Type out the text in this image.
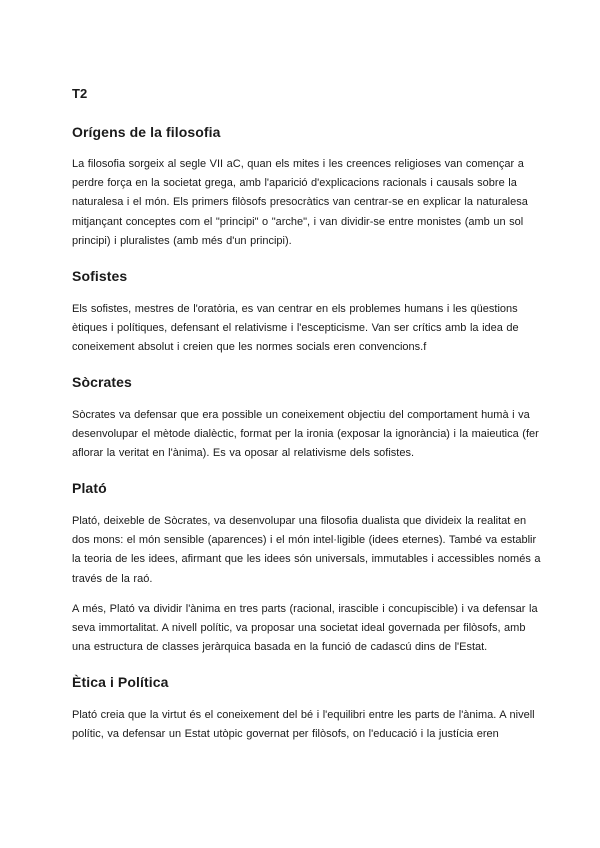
T2
Orígens de la filosofia

La filosofia sorgeix al segle VII aC, quan els mites i les creences religioses van començar a perdre força en la societat grega, amb l'aparició d'explicacions racionals i causals sobre la naturalesa i el món. Els primers filòsofs presocràtics van centrar-se en explicar la naturalesa mitjançant conceptes com el "principi" o "arche", i van dividir-se entre monistes (amb un sol principi) i pluralistes (amb més d'un principi).

Sofistes

Els sofistes, mestres de l'oratòria, es van centrar en els problemes humans i les qüestions ètiques i polítiques, defensant el relativisme i l'escepticisme. Van ser crítics amb la idea de coneixement absolut i creien que les normes socials eren convencions.f

Sòcrates

Sòcrates va defensar que era possible un coneixement objectiu del comportament humà i va desenvolupar el mètode dialèctic, format per la ironia (exposar la ignorància) i la maieutica (fer aflorar la veritat en l'ànima). Es va oposar al relativisme dels sofistes.

Plató

Plató, deixeble de Sòcrates, va desenvolupar una filosofia dualista que divideix la realitat en dos mons: el món sensible (aparences) i el món intel·ligible (idees eternes). També va establir la teoria de les idees, afirmant que les idees són universals, immutables i accessibles només a través de la raó.

A més, Plató va dividir l'ànima en tres parts (racional, irascible i concupiscible) i va defensar la seva immortalitat. A nivell polític, va proposar una societat ideal governada per filòsofs, amb una estructura de classes jeràrquica basada en la funció de cadascú dins de l'Estat.

Ètica i Política

Plató creia que la virtut és el coneixement del bé i l'equilibri entre les parts de l'ànima. A nivell polític, va defensar un Estat utòpic governat per filòsofs, on l'educació i la justícia eren
